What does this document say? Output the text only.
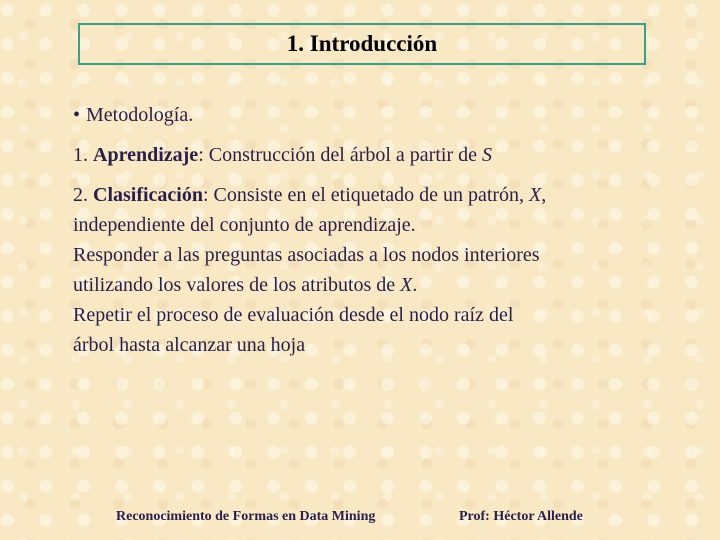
1. Introducción

• Metodología.

1. Aprendizaje: Construcción del árbol a partir de S

2. Clasificación: Consiste en el etiquetado de un patrón, X,
independiente del conjunto de aprendizaje.

Responder a las preguntas asociadas a los nodos interiores
utilizando los valores de los atributos de X.

Repetir el proceso de evaluación desde el nodo raíz del
árbol hasta alcanzar una hoja

Reconocimiento de Formas en Data Mining	Prof: Héctor Allende
